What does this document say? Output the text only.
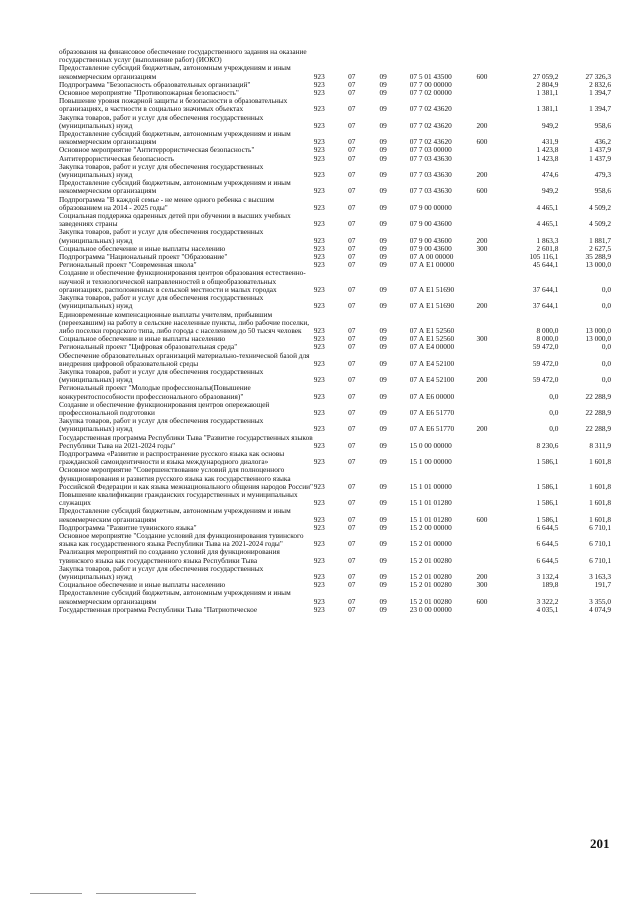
образования на финансовое обеспечение государственного задания на оказание государственных услуг (выполнение работ) (ИОКО)							
Предоставление субсидий бюджетным, автономным учреждениям и иным некоммерческим организациям	923	07	09	07 5 01 43500	600	27 059,2	27 326,3
Подпрограмма "Безопасность образовательных организаций"	923	07	09	07 7 00 00000		2 804,9	2 832,6
Основное мероприятие "Противопожарная безопасность"	923	07	09	07 7 02 00000		1 381,1	1 394,7
Повышение уровня пожарной защиты и безопасности в образовательных организациях, в частности в социально значимых объектах	923	07	09	07 7 02 43620		1 381,1	1 394,7
Закупка товаров, работ и услуг для обеспечения государственных (муниципальных) нужд	923	07	09	07 7 02 43620	200	949,2	958,6
Предоставление субсидий бюджетным, автономным учреждениям и иным некоммерческим организациям	923	07	09	07 7 02 43620	600	431,9	436,2
Основное мероприятие "Антитеррористическая безопасность"	923	07	09	07 7 03 00000		1 423,8	1 437,9
Антитеррористическая безопасность	923	07	09	07 7 03 43630		1 423,8	1 437,9
Закупка товаров, работ и услуг для обеспечения государственных (муниципальных) нужд	923	07	09	07 7 03 43630	200	474,6	479,3
Предоставление субсидий бюджетным, автономным учреждениям и иным некоммерческим организациям	923	07	09	07 7 03 43630	600	949,2	958,6
Подпрограмма "В каждой семье - не менее одного ребенка с высшим образованием на 2014 - 2025 годы"	923	07	09	07 9 00 00000		4 465,1	4 509,2
Социальная поддержка одаренных детей при обучении в высших учебных заведениях страны	923	07	09	07 9 00 43600		4 465,1	4 509,2
Закупка товаров, работ и услуг для обеспечения государственных (муниципальных) нужд	923	07	09	07 9 00 43600	200	1 863,3	1 881,7
Социальное обеспечение и иные выплаты населению	923	07	09	07 9 00 43600	300	2 601,8	2 627,5
Подпрограмма "Национальный проект "Образование"	923	07	09	07 А 00 00000		105 116,1	35 288,9
Региональный проект "Современная школа"	923	07	09	07 А Е1 00000		45 644,1	13 000,0
Создание и обеспечение функционирования центров образования естественно-научной и технологической направленностей в общеобразовательных организациях, расположенных в сельской местности и малых городах	923	07	09	07 А Е1 51690		37 644,1	0,0
Закупка товаров, работ и услуг для обеспечения государственных (муниципальных) нужд	923	07	09	07 А Е1 51690	200	37 644,1	0,0
Единовременные компенсационные выплаты учителям, прибывшим (переехавшим) на работу в сельские населенные пункты, либо рабочие поселки, либо поселки городского типа, либо города с населением до 50 тысяч человек	923	07	09	07 А Е1 52560		8 000,0	13 000,0
Социальное обеспечение и иные выплаты населению	923	07	09	07 А Е1 52560	300	8 000,0	13 000,0
Региональный проект "Цифровая образовательная среда"	923	07	09	07 А Е4 00000		59 472,0	0,0
Обеспечение образовательных организаций материально-технической базой для внедрения цифровой образовательной среды	923	07	09	07 А Е4 52100		59 472,0	0,0
Закупка товаров, работ и услуг для обеспечения государственных (муниципальных) нужд	923	07	09	07 А Е4 52100	200	59 472,0	0,0
Региональный проект "Молодые профессионалы(Повышение конкурентоспособности профессионального образования)"	923	07	09	07 А Е6 00000		0,0	22 288,9
Создание и обеспечение функционирования центров опережающей профессиональной подготовки	923	07	09	07 А Е6 51770		0,0	22 288,9
Закупка товаров, работ и услуг для обеспечения государственных (муниципальных) нужд	923	07	09	07 А Е6 51770	200	0,0	22 288,9
Государственная программа Республики Тыва "Развитие государственных языков Республики Тыва на 2021-2024 годы"	923	07	09	15 0 00 00000		8 230,6	8 311,9
Подпрограмма «Развитие и распространение русского языка как основы гражданской самоидентичности и языка международного диалога»	923	07	09	15 1 00 00000		1 586,1	1 601,8
Основное мероприятие "Совершенствование условий для полноценного функционирования и развития русского языка как государственного языка Российской Федерации и как языка межнационального общения народов России"	923	07	09	15 1 01 00000		1 586,1	1 601,8
Повышение квалификации гражданских государственных и муниципальных служащих	923	07	09	15 1 01 01280		1 586,1	1 601,8
Предоставление субсидий бюджетным, автономным учреждениям и иным некоммерческим организациям	923	07	09	15 1 01 01280	600	1 586,1	1 601,8
Подпрограмма "Развитие тувинского языка"	923	07	09	15 2 00 00000		6 644,5	6 710,1
Основное мероприятие "Создание условий для функционирования тувинского языка как государственного языка Республики Тыва на 2021-2024 годы"	923	07	09	15 2 01 00000		6 644,5	6 710,1
Реализация мероприятий по созданию условий для функционирования тувинского языка как государственного языка Республики Тыва	923	07	09	15 2 01 00280		6 644,5	6 710,1
Закупка товаров, работ и услуг для обеспечения государственных (муниципальных) нужд	923	07	09	15 2 01 00280	200	3 132,4	3 163,3
Социальное обеспечение и иные выплаты населению	923	07	09	15 2 01 00280	300	189,8	191,7
Предоставление субсидий бюджетным, автономным учреждениям и иным некоммерческим организациям	923	07	09	15 2 01 00280	600	3 322,2	3 355,0
Государственная программа Республики Тыва "Патриотическое	923	07	09	23 0 00 00000		4 035,1	4 074,9
201
